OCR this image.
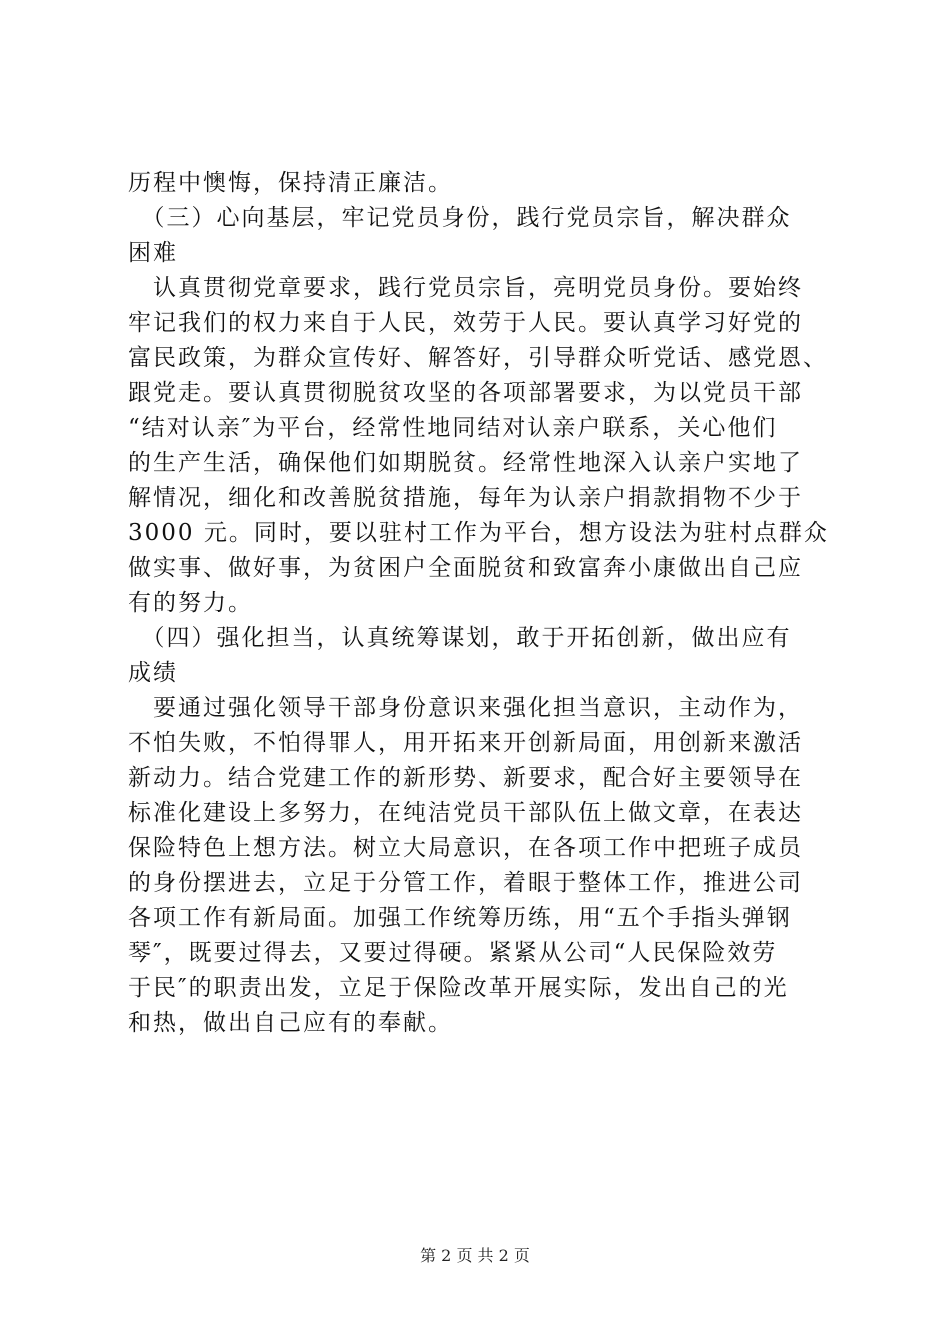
历程中懊悔，保持清正廉洁。
　（三）心向基层，牢记党员身份，践行党员宗旨，解决群众
困难
　认真贯彻党章要求，践行党员宗旨，亮明党员身份。要始终
牢记我们的权力来自于人民，效劳于人民。要认真学习好党的
富民政策，为群众宣传好、解答好，引导群众听党话、感党恩、
跟党走。要认真贯彻脱贫攻坚的各项部署要求，为以党员干部
“结对认亲″为平台，经常性地同结对认亲户联系，关心他们
的生产生活，确保他们如期脱贫。经常性地深入认亲户实地了
解情况，细化和改善脱贫措施，每年为认亲户捐款捐物不少于
3000 元。同时，要以驻村工作为平台，想方设法为驻村点群众
做实事、做好事，为贫困户全面脱贫和致富奔小康做出自己应
有的努力。
　（四）强化担当，认真统筹谋划，敢于开拓创新，做出应有
成绩
　要通过强化领导干部身份意识来强化担当意识，主动作为，
不怕失败，不怕得罪人，用开拓来开创新局面，用创新来激活
新动力。结合党建工作的新形势、新要求，配合好主要领导在
标准化建设上多努力，在纯洁党员干部队伍上做文章，在表达
保险特色上想方法。树立大局意识，在各项工作中把班子成员
的身份摆进去，立足于分管工作，着眼于整体工作，推进公司
各项工作有新局面。加强工作统筹历练，用“五个手指头弹钢
琴″，既要过得去，又要过得硬。紧紧从公司“人民保险效劳
于民″的职责出发，立足于保险改革开展实际，发出自己的光
和热，做出自己应有的奉献。
第 2 页 共 2 页
